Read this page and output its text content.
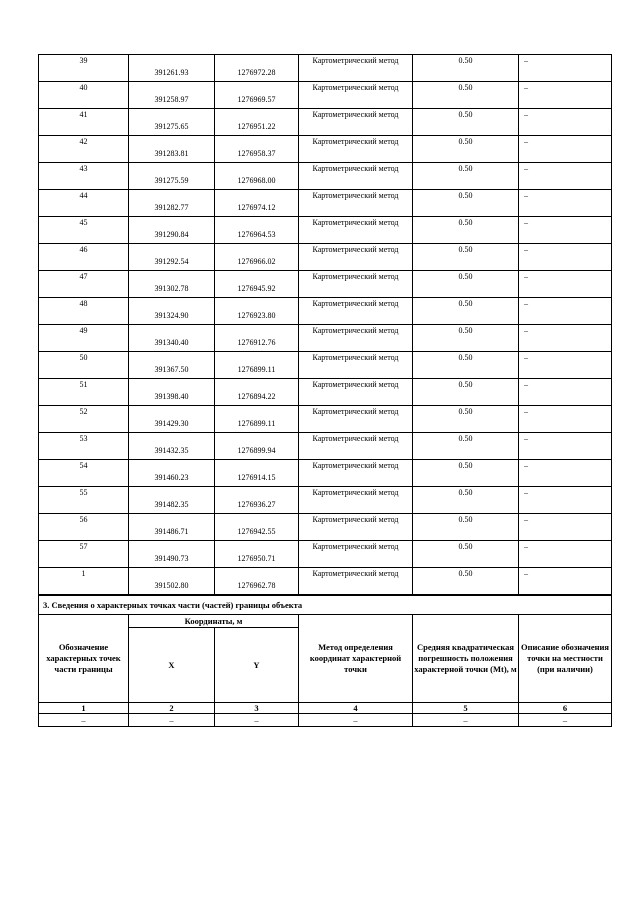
39	391261.93	1276972.28	Картометрический метод	0.50	–
40	391258.97	1276969.57	Картометрический метод	0.50	–
41	391275.65	1276951.22	Картометрический метод	0.50	–
42	391283.81	1276958.37	Картометрический метод	0.50	–
43	391275.59	1276968.00	Картометрический метод	0.50	–
44	391282.77	1276974.12	Картометрический метод	0.50	–
45	391290.84	1276964.53	Картометрический метод	0.50	–
46	391292.54	1276966.02	Картометрический метод	0.50	–
47	391302.78	1276945.92	Картометрический метод	0.50	–
48	391324.90	1276923.80	Картометрический метод	0.50	–
49	391340.40	1276912.76	Картометрический метод	0.50	–
50	391367.50	1276899.11	Картометрический метод	0.50	–
51	391398.40	1276894.22	Картометрический метод	0.50	–
52	391429.30	1276899.11	Картометрический метод	0.50	–
53	391432.35	1276899.94	Картометрический метод	0.50	–
54	391460.23	1276914.15	Картометрический метод	0.50	–
55	391482.35	1276936.27	Картометрический метод	0.50	–
56	391486.71	1276942.55	Картометрический метод	0.50	–
57	391490.73	1276950.71	Картометрический метод	0.50	–
1	391502.80	1276962.78	Картометрический метод	0.50	–
3. Сведения о характерных точках части (частей) границы объекта					
Обозначение характерных точек части границы	Координаты, м		Метод определения координат характерной точки	Средняя квадратическая погрешность положения характерной точки (Mt), м	Описание обозначения точки на местности (при наличии)
	X	Y			
1	2	3	4	5	6
–	–	–	–	–	–
